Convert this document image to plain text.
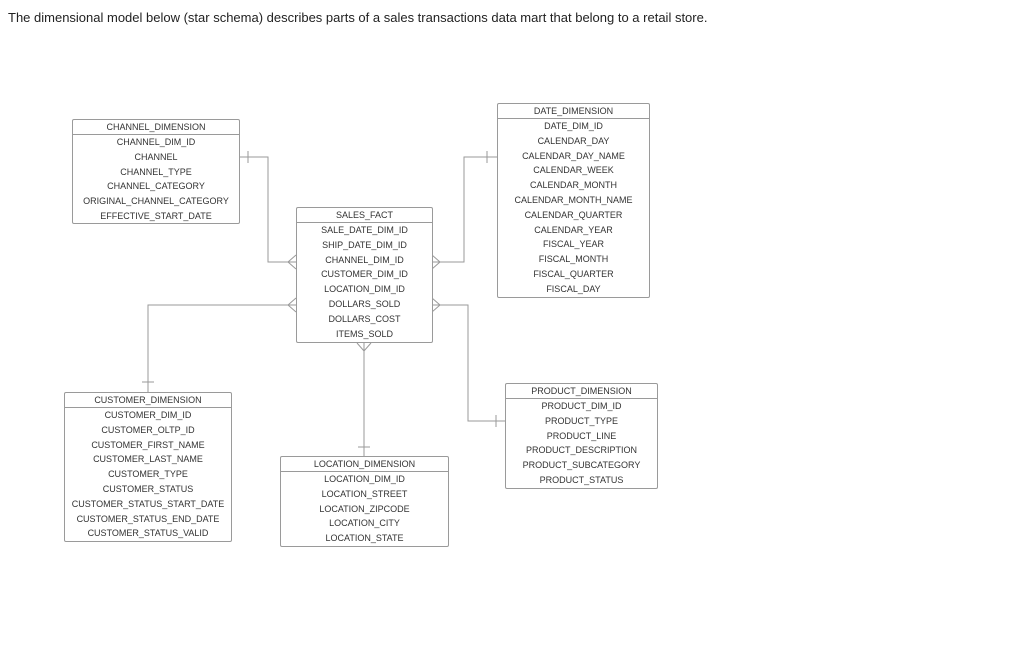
The dimensional model below (star schema) describes parts of a sales transactions data mart that belong to a retail store.
CHANNEL_DIMENSION
CHANNEL_DIM_ID
CHANNEL
CHANNEL_TYPE
CHANNEL_CATEGORY
ORIGINAL_CHANNEL_CATEGORY
EFFECTIVE_START_DATE
DATE_DIMENSION
DATE_DIM_ID
CALENDAR_DAY
CALENDAR_DAY_NAME
CALENDAR_WEEK
CALENDAR_MONTH
CALENDAR_MONTH_NAME
CALENDAR_QUARTER
CALENDAR_YEAR
FISCAL_YEAR
FISCAL_MONTH
FISCAL_QUARTER
FISCAL_DAY
SALES_FACT
SALE_DATE_DIM_ID
SHIP_DATE_DIM_ID
CHANNEL_DIM_ID
CUSTOMER_DIM_ID
LOCATION_DIM_ID
DOLLARS_SOLD
DOLLARS_COST
ITEMS_SOLD
CUSTOMER_DIMENSION
CUSTOMER_DIM_ID
CUSTOMER_OLTP_ID
CUSTOMER_FIRST_NAME
CUSTOMER_LAST_NAME
CUSTOMER_TYPE
CUSTOMER_STATUS
CUSTOMER_STATUS_START_DATE
CUSTOMER_STATUS_END_DATE
CUSTOMER_STATUS_VALID
LOCATION_DIMENSION
LOCATION_DIM_ID
LOCATION_STREET
LOCATION_ZIPCODE
LOCATION_CITY
LOCATION_STATE
PRODUCT_DIMENSION
PRODUCT_DIM_ID
PRODUCT_TYPE
PRODUCT_LINE
PRODUCT_DESCRIPTION
PRODUCT_SUBCATEGORY
PRODUCT_STATUS
